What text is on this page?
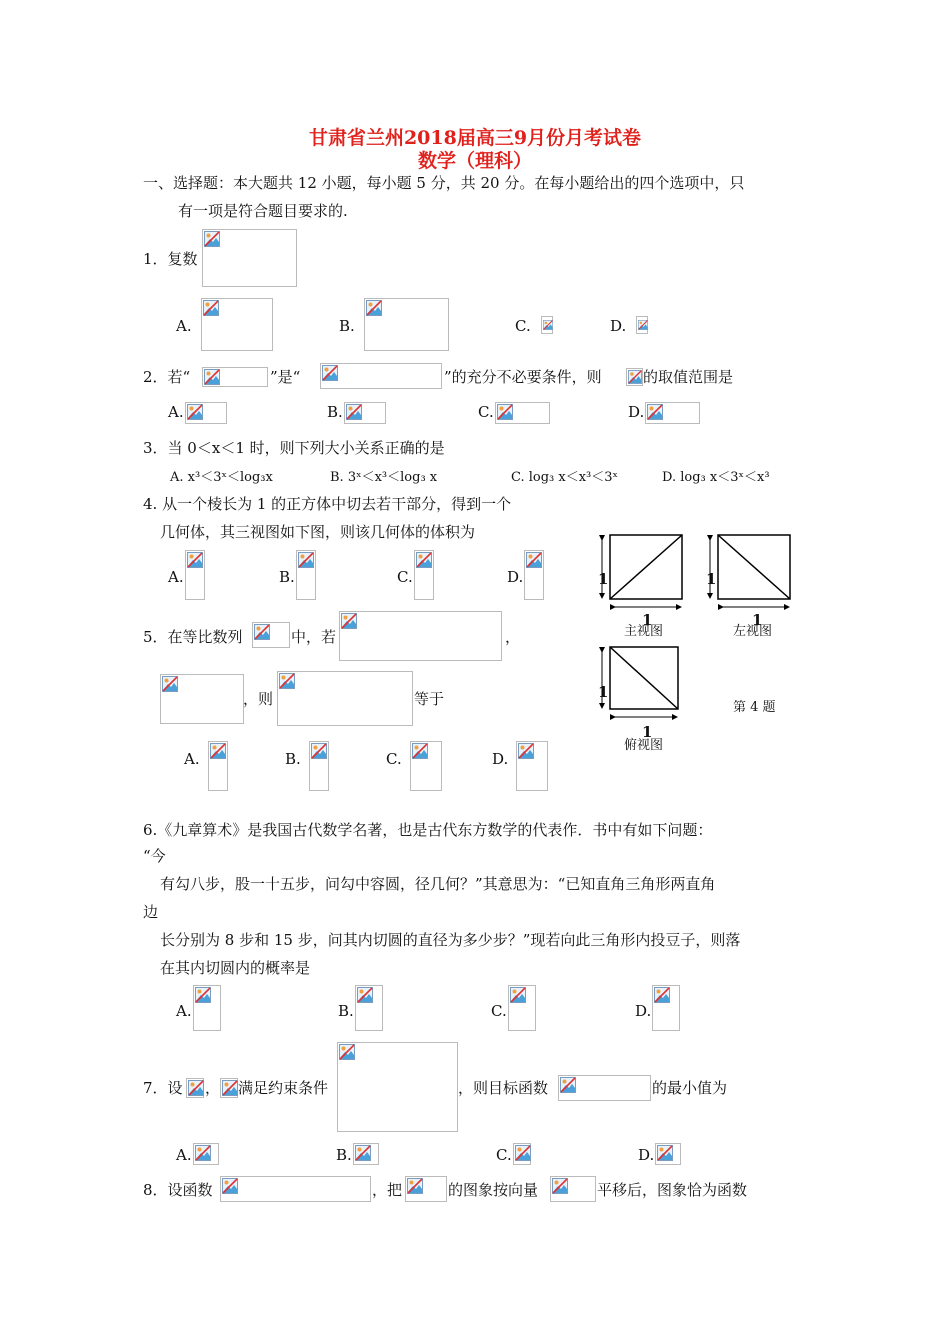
甘肃省兰州2018届高三9月份月考试卷
数学（理科）
一、选择题：本大题共 12 小题，每小题 5 分，共 20 分。在每小题给出的四个选项中，只
有一项是符合题目要求的.
1．复数
A.	B.	C.	D.
2．若“	”是“	”的充分不必要条件，则	的取值范围是
A.	B.	C.	D.
3．当 0＜x＜1 时，则下列大小关系正确的是
A. x³＜3ˣ＜log₃x	B. 3ˣ＜x³＜log₃ x	C. log₃ x＜x³＜3ˣ	D. log₃ x＜3ˣ＜x³
4. 从一个棱长为 1 的正方体中切去若干部分，得到一个
几何体，其三视图如下图，则该几何体的体积为
A.	B.	C.	D.	1
1
1
1
1
1
主视图	左视图
俯视图
第 4 题
5．在等比数列	中，若	，
，则	等于
A.	B.	C.	D.
6.《九章算术》是我国古代数学名著，也是古代东方数学的代表作．书中有如下问题：
“今
有勾八步，股一十五步，问勾中容圆，径几何？”其意思为：“已知直角三角形两直角
边
长分别为 8 步和 15 步，问其内切圆的直径为多少步？”现若向此三角形内投豆子，则落
在其内切圆内的概率是
A.	B.	C.	D.
7．设 ， 满足约束条件	，则目标函数	的最小值为
A.	B.	C.	D.
8．设函数	，把	的图象按向量	平移后，图象恰为函数
